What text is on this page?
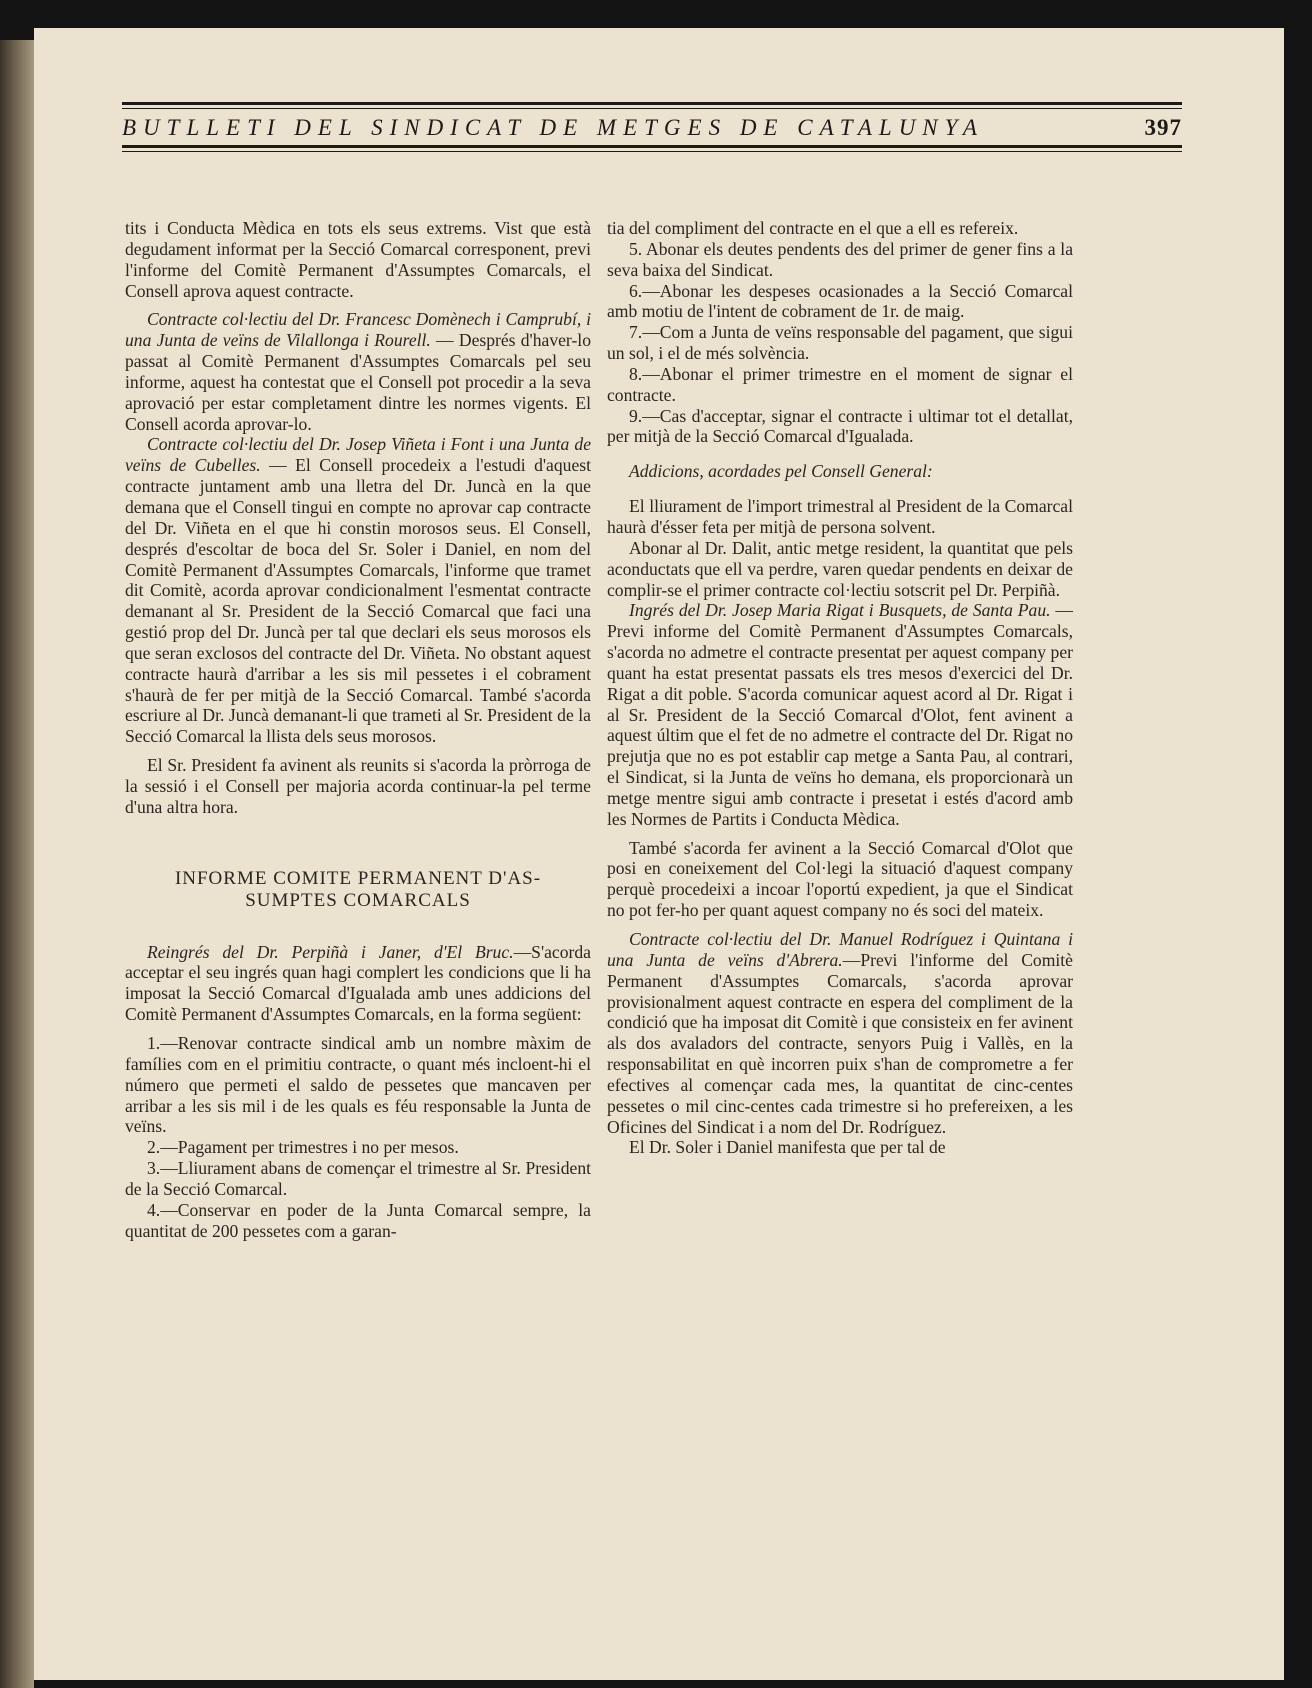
BUTLLETI DEL SINDICAT DE METGES DE CATALUNYA	397

tits i Conducta Mèdica en tots els seus extrems. Vist que està degudament informat per la Secció Comarcal corresponent, previ l'informe del Comitè Permanent d'Assumptes Comarcals, el Consell aprova aquest contracte.

Contracte col·lectiu del Dr. Francesc Domènech i Camprubí, i una Junta de veïns de Vilallonga i Rourell. — Després d'haver-lo passat al Comitè Permanent d'Assumptes Comarcals pel seu informe, aquest ha contestat que el Consell pot procedir a la seva aprovació per estar completament dintre les normes vigents. El Consell acorda aprovar-lo.

Contracte col·lectiu del Dr. Josep Viñeta i Font i una Junta de veïns de Cubelles. — El Consell procedeix a l'estudi d'aquest contracte juntament amb una lletra del Dr. Juncà en la que demana que el Consell tingui en compte no aprovar cap contracte del Dr. Viñeta en el que hi constin morosos seus. El Consell, després d'escoltar de boca del Sr. Soler i Daniel, en nom del Comitè Permanent d'Assumptes Comarcals, l'informe que tramet dit Comitè, acorda aprovar condicionalment l'esmentat contracte demanant al Sr. President de la Secció Comarcal que faci una gestió prop del Dr. Juncà per tal que declari els seus morosos els que seran exclosos del contracte del Dr. Viñeta. No obstant aquest contracte haurà d'arribar a les sis mil pessetes i el cobrament s'haurà de fer per mitjà de la Secció Comarcal. També s'acorda escriure al Dr. Juncà demanant-li que trameti al Sr. President de la Secció Comarcal la llista dels seus morosos.

El Sr. President fa avinent als reunits si s'acorda la pròrroga de la sessió i el Consell per majoria acorda continuar-la pel terme d'una altra hora.

INFORME COMITE PERMANENT D'AS-
SUMPTES COMARCALS

Reingrés del Dr. Perpiñà i Janer, d'El Bruc.—S'acorda acceptar el seu ingrés quan hagi complert les condicions que li ha imposat la Secció Comarcal d'Igualada amb unes addicions del Comitè Permanent d'Assumptes Comarcals, en la forma següent:

1.—Renovar contracte sindical amb un nombre màxim de famílies com en el primitiu contracte, o quant més incloent-hi el número que permeti el saldo de pessetes que mancaven per arribar a les sis mil i de les quals es féu responsable la Junta de veïns.

2.—Pagament per trimestres i no per mesos.

3.—Lliurament abans de començar el trimestre al Sr. President de la Secció Comarcal.

4.—Conservar en poder de la Junta Comarcal sempre, la quantitat de 200 pessetes com a garan-

tia del compliment del contracte en el que a ell es refereix.

5. Abonar els deutes pendents des del primer de gener fins a la seva baixa del Sindicat.

6.—Abonar les despeses ocasionades a la Secció Comarcal amb motiu de l'intent de cobrament de 1r. de maig.

7.—Com a Junta de veïns responsable del pagament, que sigui un sol, i el de més solvència.

8.—Abonar el primer trimestre en el moment de signar el contracte.

9.—Cas d'acceptar, signar el contracte i ultimar tot el detallat, per mitjà de la Secció Comarcal d'Igualada.

Addicions, acordades pel Consell General:

El lliurament de l'import trimestral al President de la Comarcal haurà d'ésser feta per mitjà de persona solvent.

Abonar al Dr. Dalit, antic metge resident, la quantitat que pels aconductats que ell va perdre, varen quedar pendents en deixar de complir-se el primer contracte col·lectiu sotscrit pel Dr. Perpiñà.

Ingrés del Dr. Josep Maria Rigat i Busquets, de Santa Pau. — Previ informe del Comitè Permanent d'Assumptes Comarcals, s'acorda no admetre el contracte presentat per aquest company per quant ha estat presentat passats els tres mesos d'exercici del Dr. Rigat a dit poble. S'acorda comunicar aquest acord al Dr. Rigat i al Sr. President de la Secció Comarcal d'Olot, fent avinent a aquest últim que el fet de no admetre el contracte del Dr. Rigat no prejutja que no es pot establir cap metge a Santa Pau, al contrari, el Sindicat, si la Junta de veïns ho demana, els proporcionarà un metge mentre sigui amb contracte i presetat i estés d'acord amb les Normes de Partits i Conducta Mèdica.

També s'acorda fer avinent a la Secció Comarcal d'Olot que posi en coneixement del Col·legi la situació d'aquest company perquè procedeixi a incoar l'oportú expedient, ja que el Sindicat no pot fer-ho per quant aquest company no és soci del mateix.

Contracte col·lectiu del Dr. Manuel Rodríguez i Quintana i una Junta de veïns d'Abrera.—Previ l'informe del Comitè Permanent d'Assumptes Comarcals, s'acorda aprovar provisionalment aquest contracte en espera del compliment de la condició que ha imposat dit Comitè i que consisteix en fer avinent als dos avaladors del contracte, senyors Puig i Vallès, en la responsabilitat en què incorren puix s'han de comprometre a fer efectives al començar cada mes, la quantitat de cinc-centes pessetes o mil cinc-centes cada trimestre si ho prefereixen, a les Oficines del Sindicat i a nom del Dr. Rodríguez.

El Dr. Soler i Daniel manifesta que per tal de
